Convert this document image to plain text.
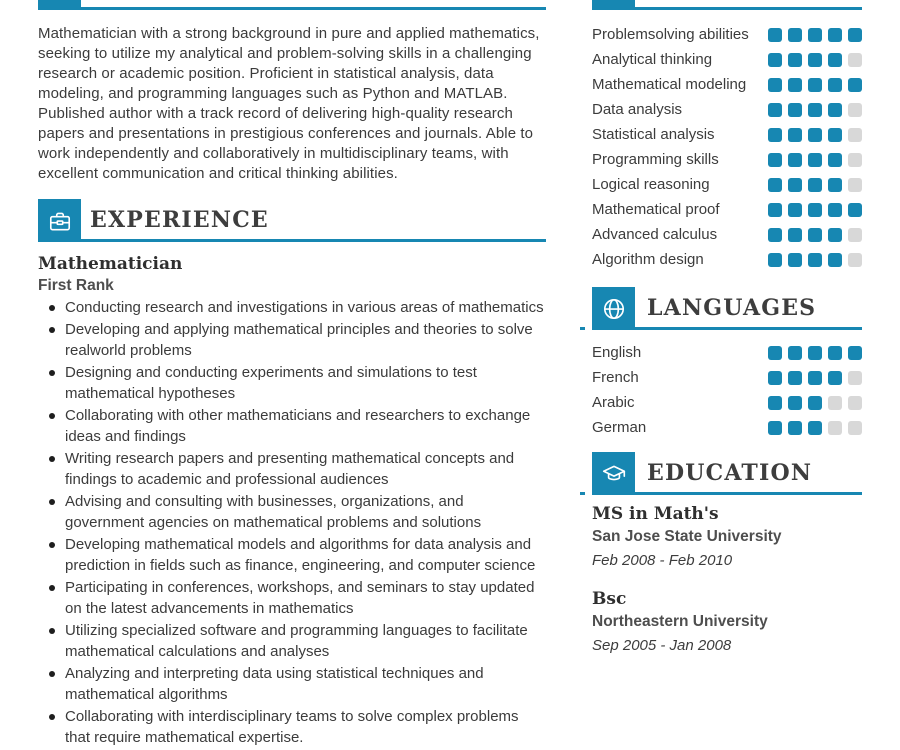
Mathematician with a strong background in pure and applied mathematics, seeking to utilize my analytical and problem-solving skills in a challenging research or academic position. Proficient in statistical analysis, data modeling, and programming languages such as Python and MATLAB. Published author with a track record of delivering high-quality research papers and presentations in prestigious conferences and journals. Able to work independently and collaboratively in multidisciplinary teams, with excellent communication and critical thinking abilities.

EXPERIENCE
Mathematician
First Rank
Conducting research and investigations in various areas of mathematics
Developing and applying mathematical principles and theories to solve realworld problems
Designing and conducting experiments and simulations to test mathematical hypotheses
Collaborating with other mathematicians and researchers to exchange ideas and findings
Writing research papers and presenting mathematical concepts and findings to academic and professional audiences
Advising and consulting with businesses, organizations, and government agencies on mathematical problems and solutions
Developing mathematical models and algorithms for data analysis and prediction in fields such as finance, engineering, and computer science
Participating in conferences, workshops, and seminars to stay updated on the latest advancements in mathematics
Utilizing specialized software and programming languages to facilitate mathematical calculations and analyses
Analyzing and interpreting data using statistical techniques and mathematical algorithms
Collaborating with interdisciplinary teams to solve complex problems that require mathematical expertise.
Problemsolving abilities
Analytical thinking
Mathematical modeling
Data analysis
Statistical analysis
Programming skills
Logical reasoning
Mathematical proof
Advanced calculus
Algorithm design
LANGUAGES
English
French
Arabic
German
EDUCATION
MS in Math's
San Jose State University
Feb 2008 - Feb 2010
Bsc
Northeastern University
Sep 2005 - Jan 2008
